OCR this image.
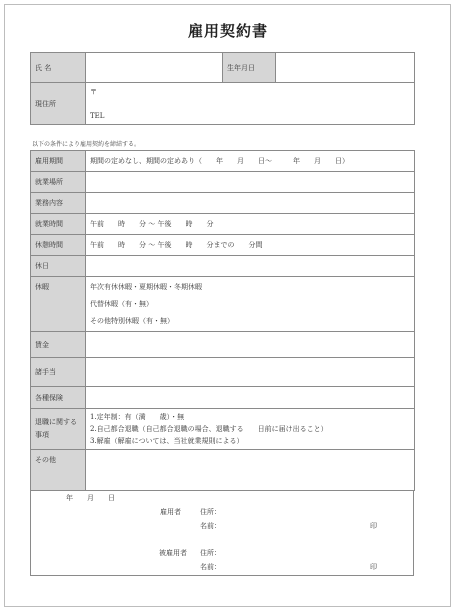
雇用契約書
氏 名		生年月日	
現住所	〒
TEL		
以下の条件により雇用契約を締結する。
雇用期間	期間の定めなし、期間の定めあり（　　年　　月　　日〜　　　年　　月　　日）
就業場所	
業務内容	
就業時間	午前　　時　　分 〜 午後　　時　　分
休憩時間	午前　　時　　分 〜 午後　　時　　分までの　　分間
休日	
休暇	年次有休休暇・夏期休暇・冬期休暇
代替休暇（有・無）
その他特別休暇（有・無）

賃金	
諸手当	
各種保険	
退職に関する事項	1.定年制：有（満　　歳）・無
2.自己都合退職（自己都合退職の場合、退職する　　日前に届け出ること）
3.解雇（解雇については、当社就業規則による）

その他	
年　　月　　日
雇用者	住所：
名前：	印
被雇用者 住所：
名前：	印
